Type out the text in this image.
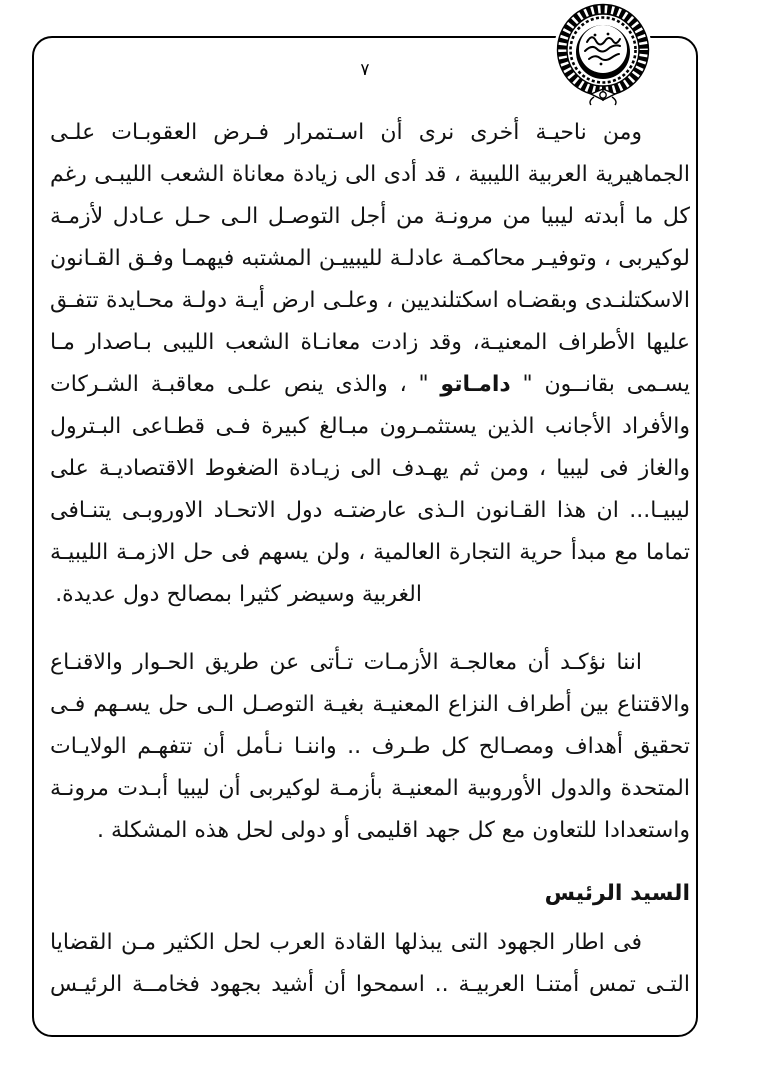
٧
ومن ناحيـة أخرى نرى أن اسـتمرار فـرض العقوبـات علـى
الجماهيرية العربية الليبية ، قد أدى الى زيادة معاناة الشعب الليبـى رغم
كل ما أبدته ليبيا من مرونـة من أجل التوصـل الـى حـل عـادل لأزمـة
لوكيربى ، وتوفيـر محاكمـة عادلـة لليبييـن المشتبه فيهمـا وفـق القـانون
الاسكتلنـدى وبقضـاه اسكتلنديين ، وعلـى ارض أيـة دولـة محـايدة تتفـق
عليها الأطراف المعنيـة، وقد زادت معانـاة الشعب الليبى بـاصدار مـا
يسـمى بقانــون " دامـاتو " ، والذى ينص علـى معاقبـة الشـركات
والأفراد الأجانب الذين يستثمـرون مبـالغ كبيرة فـى قطـاعى البـترول
والغاز فى ليبيا ، ومن ثم يهـدف الى زيـادة الضغوط الاقتصاديـة على
ليبيـا... ان هذا القـانون الـذى عارضتـه دول الاتحـاد الاوروبـى يتنـافى
تماما مع مبدأ حرية التجارة العالمية ، ولن يسهم فى حل الازمـة الليبيـة
الغربية وسيضر كثيرا بمصالح دول عديدة.
اننا نؤكـد أن معالجـة الأزمـات تـأتى عن طريق الحـوار والاقنـاع
والاقتناع بين أطراف النزاع المعنيـة بغيـة التوصـل الـى حل يسـهم فـى
تحقيق أهداف ومصـالح كل طـرف .. واننـا نـأمل أن تتفهـم الولايـات
المتحدة والدول الأوروبية المعنيـة بأزمـة لوكيربى أن ليبيا أبـدت مرونـة
واستعدادا للتعاون مع كل جهد اقليمى أو دولى لحل هذه المشكلة .
السيد الرئيس
فى اطار الجهود التى يبذلها القادة العرب لحل الكثير مـن القضايا
التـى تمس أمتنـا العربيـة .. اسمحوا أن أشيد بجهود فخامــة الرئيـس
